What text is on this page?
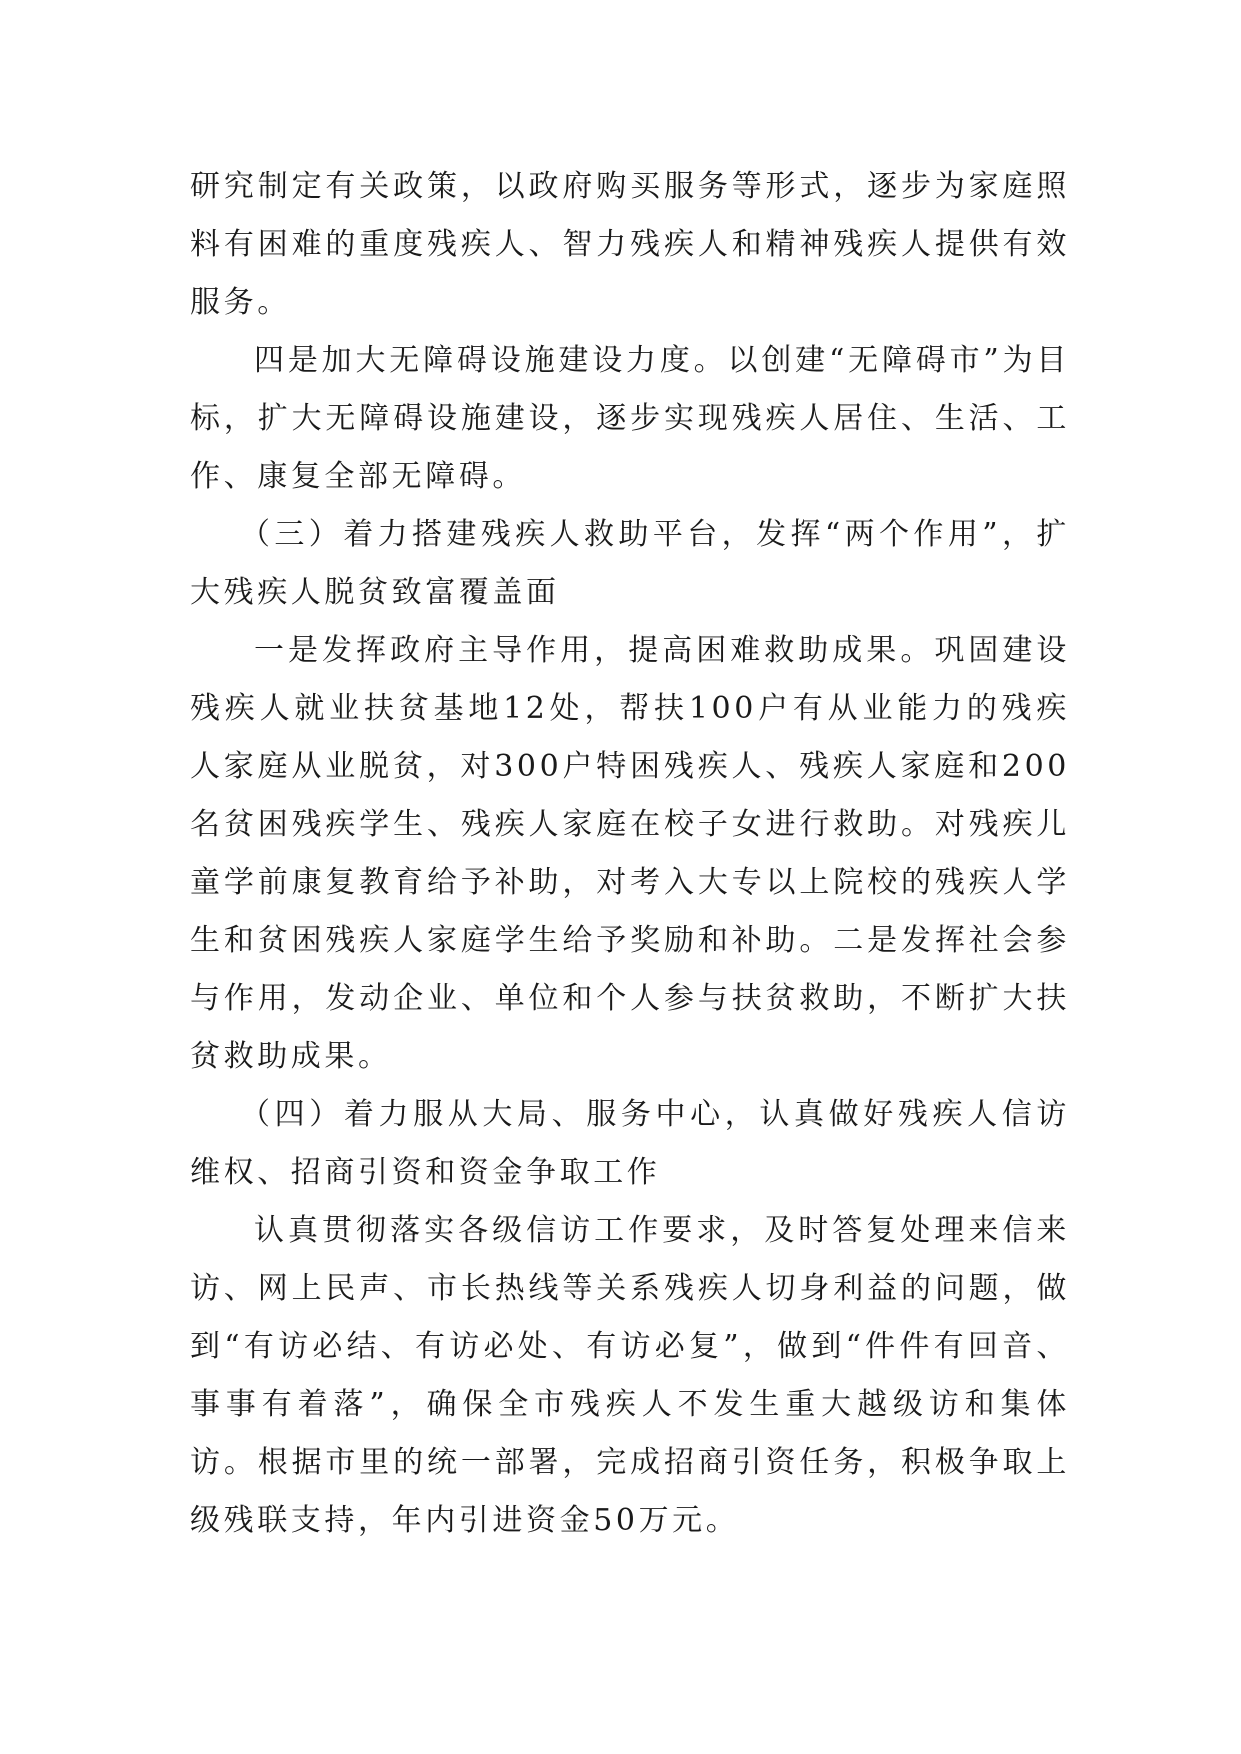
研究制定有关政策，以政府购买服务等形式，逐步为家庭照料有困难的重度残疾人、智力残疾人和精神残疾人提供有效服务。

四是加大无障碍设施建设力度。以创建“无障碍市”为目标，扩大无障碍设施建设，逐步实现残疾人居住、生活、工作、康复全部无障碍。

（三）着力搭建残疾人救助平台，发挥“两个作用”，扩大残疾人脱贫致富覆盖面

一是发挥政府主导作用，提高困难救助成果。巩固建设残疾人就业扶贫基地12处，帮扶100户有从业能力的残疾人家庭从业脱贫，对300户特困残疾人、残疾人家庭和200名贫困残疾学生、残疾人家庭在校子女进行救助。对残疾儿童学前康复教育给予补助，对考入大专以上院校的残疾人学生和贫困残疾人家庭学生给予奖励和补助。二是发挥社会参与作用，发动企业、单位和个人参与扶贫救助，不断扩大扶贫救助成果。

（四）着力服从大局、服务中心，认真做好残疾人信访维权、招商引资和资金争取工作

认真贯彻落实各级信访工作要求，及时答复处理来信来访、网上民声、市长热线等关系残疾人切身利益的问题，做到“有访必结、有访必处、有访必复”，做到“件件有回音、事事有着落”，确保全市残疾人不发生重大越级访和集体访。根据市里的统一部署，完成招商引资任务，积极争取上级残联支持，年内引进资金50万元。
